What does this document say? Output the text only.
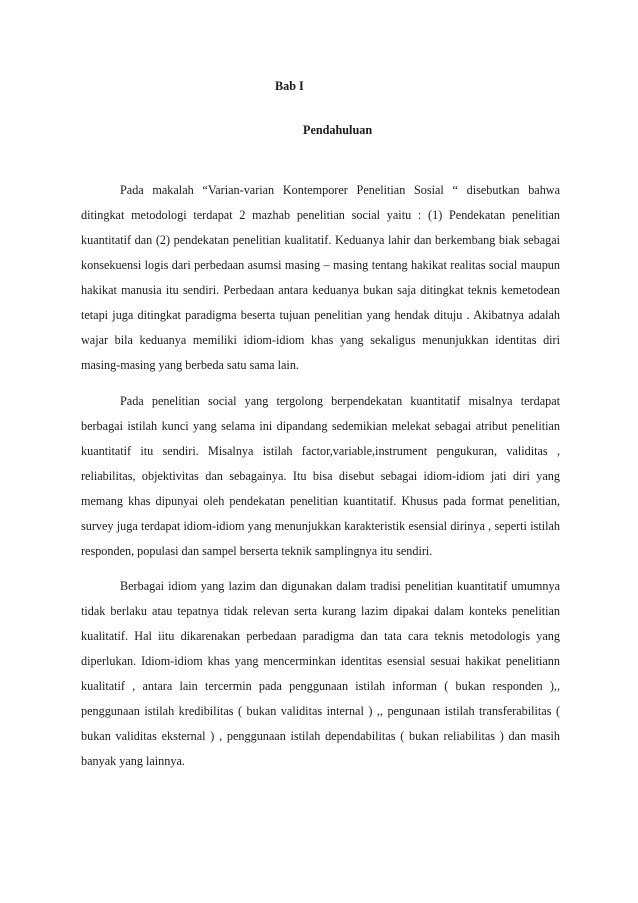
Bab I
Pendahuluan

Pada makalah “Varian-varian Kontemporer Penelitian Sosial “ disebutkan bahwa ditingkat metodologi terdapat 2 mazhab penelitian social yaitu : (1) Pendekatan penelitian kuantitatif dan (2) pendekatan penelitian kualitatif. Keduanya lahir dan berkembang biak sebagai konsekuensi logis dari perbedaan asumsi masing – masing tentang hakikat realitas social maupun hakikat manusia itu sendiri. Perbedaan antara keduanya bukan saja ditingkat teknis kemetodean tetapi juga ditingkat paradigma beserta tujuan penelitian yang hendak dituju . Akibatnya adalah wajar bila keduanya memiliki idiom-idiom khas yang sekaligus menunjukkan identitas diri masing-masing yang berbeda satu sama lain.

Pada penelitian social yang tergolong berpendekatan kuantitatif misalnya terdapat berbagai istilah kunci yang selama ini dipandang sedemikian melekat sebagai atribut penelitian kuantitatif itu sendiri. Misalnya istilah factor,variable,instrument pengukuran, validitas , reliabilitas, objektivitas dan sebagainya. Itu bisa disebut sebagai idiom-idiom jati diri yang memang khas dipunyai oleh pendekatan penelitian kuantitatif. Khusus pada format penelitian, survey juga terdapat idiom-idiom yang menunjukkan karakteristik esensial dirinya , seperti istilah responden, populasi dan sampel berserta teknik samplingnya itu sendiri.

Berbagai idiom yang lazim dan digunakan dalam tradisi penelitian kuantitatif umumnya tidak berlaku atau tepatnya tidak relevan serta kurang lazim dipakai dalam konteks penelitian kualitatif. Hal iitu dikarenakan perbedaan paradigma dan tata cara teknis metodologis yang diperlukan. Idiom-idiom khas yang mencerminkan identitas esensial sesuai hakikat penelitiann kualitatif , antara lain tercermin pada penggunaan istilah informan ( bukan responden ),, penggunaan istilah kredibilitas ( bukan validitas internal ) ,, pengunaan istilah transferabilitas ( bukan validitas eksternal ) , penggunaan istilah dependabilitas ( bukan reliabilitas ) dan masih banyak yang lainnya.
